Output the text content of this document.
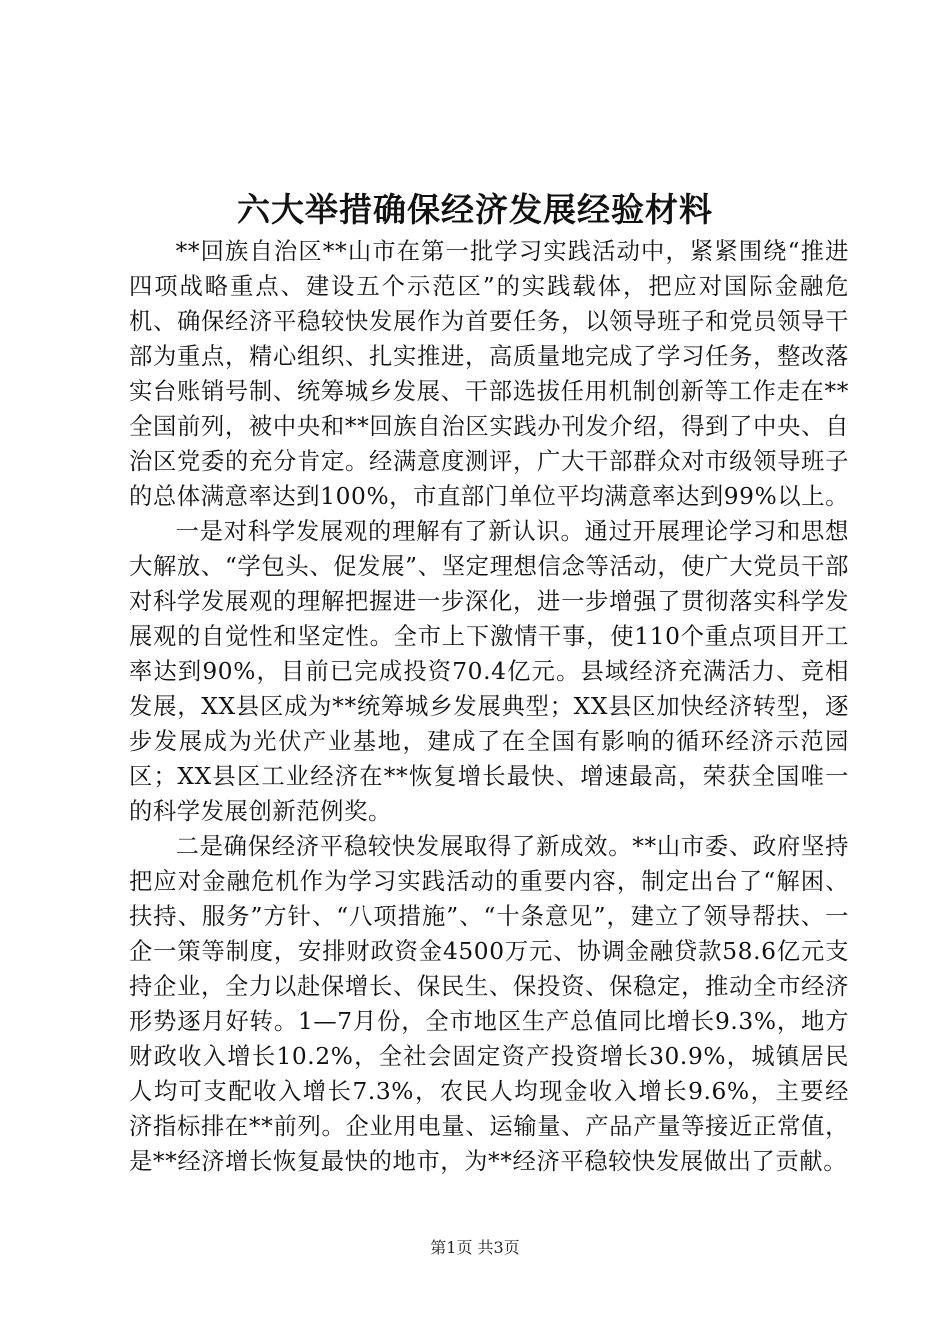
六大举措确保经济发展经验材料

**回族自治区**山市在第一批学习实践活动中，紧紧围绕“推进四项战略重点、建设五个示范区”的实践载体，把应对国际金融危机、确保经济平稳较快发展作为首要任务，以领导班子和党员领导干部为重点，精心组织、扎实推进，高质量地完成了学习任务，整改落实台账销号制、统筹城乡发展、干部选拔任用机制创新等工作走在**全国前列，被中央和**回族自治区实践办刊发介绍，得到了中央、自治区党委的充分肯定。经满意度测评，广大干部群众对市级领导班子的总体满意率达到100%，市直部门单位平均满意率达到99%以上。

一是对科学发展观的理解有了新认识。通过开展理论学习和思想大解放、“学包头、促发展”、坚定理想信念等活动，使广大党员干部对科学发展观的理解把握进一步深化，进一步增强了贯彻落实科学发展观的自觉性和坚定性。全市上下激情干事，使110个重点项目开工率达到90%，目前已完成投资70.4亿元。县域经济充满活力、竞相发展，XX县区成为**统筹城乡发展典型；XX县区加快经济转型，逐步发展成为光伏产业基地，建成了在全国有影响的循环经济示范园区；XX县区工业经济在**恢复增长最快、增速最高，荣获全国唯一的科学发展创新范例奖。

二是确保经济平稳较快发展取得了新成效。**山市委、政府坚持把应对金融危机作为学习实践活动的重要内容，制定出台了“解困、扶持、服务”方针、“八项措施”、“十条意见”，建立了领导帮扶、一企一策等制度，安排财政资金4500万元、协调金融贷款58.6亿元支持企业，全力以赴保增长、保民生、保投资、保稳定，推动全市经济形势逐月好转。1—7月份，全市地区生产总值同比增长9.3%，地方财政收入增长10.2%，全社会固定资产投资增长30.9%，城镇居民人均可支配收入增长7.3%，农民人均现金收入增长9.6%，主要经济指标排在**前列。企业用电量、运输量、产品产量等接近正常值，是**经济增长恢复最快的地市，为**经济平稳较快发展做出了贡献。

第1页 共3页
